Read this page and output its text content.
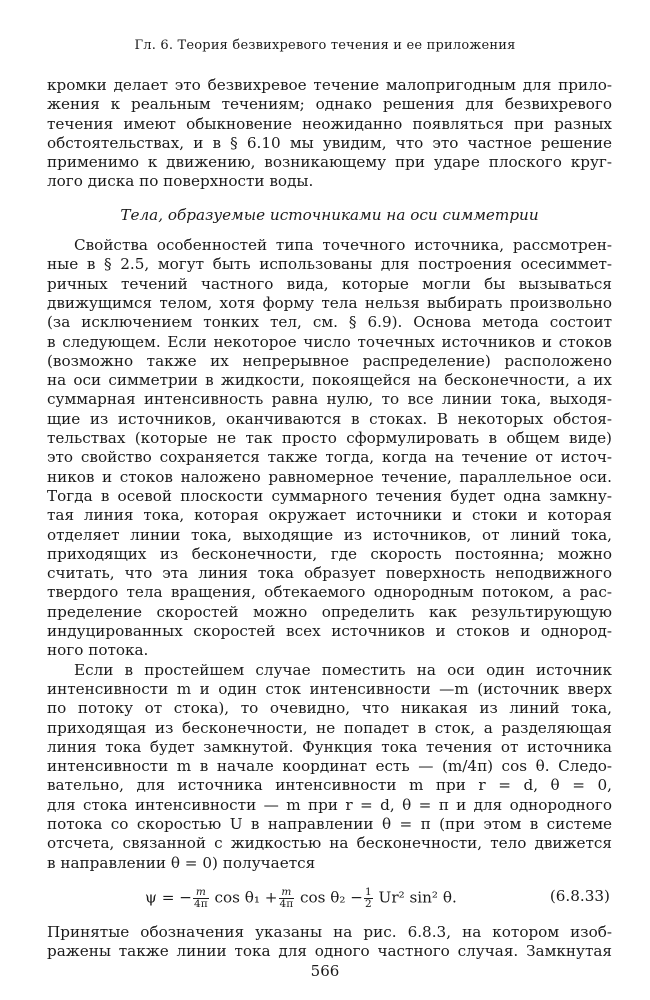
Гл. 6. Теория безвихревого течения и ее приложения
кромки делает это безвихревое течение малопригодным для прило-
жения к реальным течениям; однако решения для безвихревого
течения имеют обыкновение неожиданно появляться при разных
обстоятельствах, и в § 6.10 мы увидим, что это частное решение
применимо к движению, возникающему при ударе плоского круг-
лого диска по поверхности воды.
Тела, образуемые источниками на оси симметрии
Свойства особенностей типа точечного источника, рассмотрен-
ные в § 2.5, могут быть использованы для построения осесиммет-
ричных течений частного вида, которые могли бы вызываться
движущимся телом, хотя форму тела нельзя выбирать произвольно
(за исключением тонких тел, см. § 6.9). Основа метода состоит
в следующем. Если некоторое число точечных источников и стоков
(возможно также их непрерывное распределение) расположено
на оси симметрии в жидкости, покоящейся на бесконечности, а их
суммарная интенсивность равна нулю, то все линии тока, выходя-
щие из источников, оканчиваются в стоках. В некоторых обстоя-
тельствах (которые не так просто сформулировать в общем виде)
это свойство сохраняется также тогда, когда на течение от источ-
ников и стоков наложено равномерное течение, параллельное оси.
Тогда в осевой плоскости суммарного течения будет одна замкну-
тая линия тока, которая окружает источники и стоки и которая
отделяет линии тока, выходящие из источников, от линий тока,
приходящих из бесконечности, где скорость постоянна; можно
считать, что эта линия тока образует поверхность неподвижного
твердого тела вращения, обтекаемого однородным потоком, а рас-
пределение скоростей можно определить как результирующую
индуцированных скоростей всех источников и стоков и однород-
ного потока.
Если в простейшем случае поместить на оси один источник
интенсивности m и один сток интенсивности —m (источник вверх
по потоку от стока), то очевидно, что никакая из линий тока,
приходящая из бесконечности, не попадет в сток, а разделяющая
линия тока будет замкнутой. Функция тока течения от источника
интенсивности m в начале координат есть — (m/4π) cos θ. Следо-
вательно, для источника интенсивности m при r = d, θ = 0,
для стока интенсивности — m при r = d, θ = π и для однородного
потока со скоростью U в направлении θ = π (при этом в системе
отсчета, связанной с жидкостью на бесконечности, тело движется
в направлении θ = 0) получается
ψ = − $\frac{m}{4\pi}$ $\cos \theta_1 + \frac{m}{4\pi}$ $\cos \theta_2 - \frac{1}{2} Ur^2$ sin² θ.	(6.8.33)
Принятые обозначения указаны на рис. 6.8.3, на котором изоб-
ражены также линии тока для одного частного случая. Замкнутая
566
